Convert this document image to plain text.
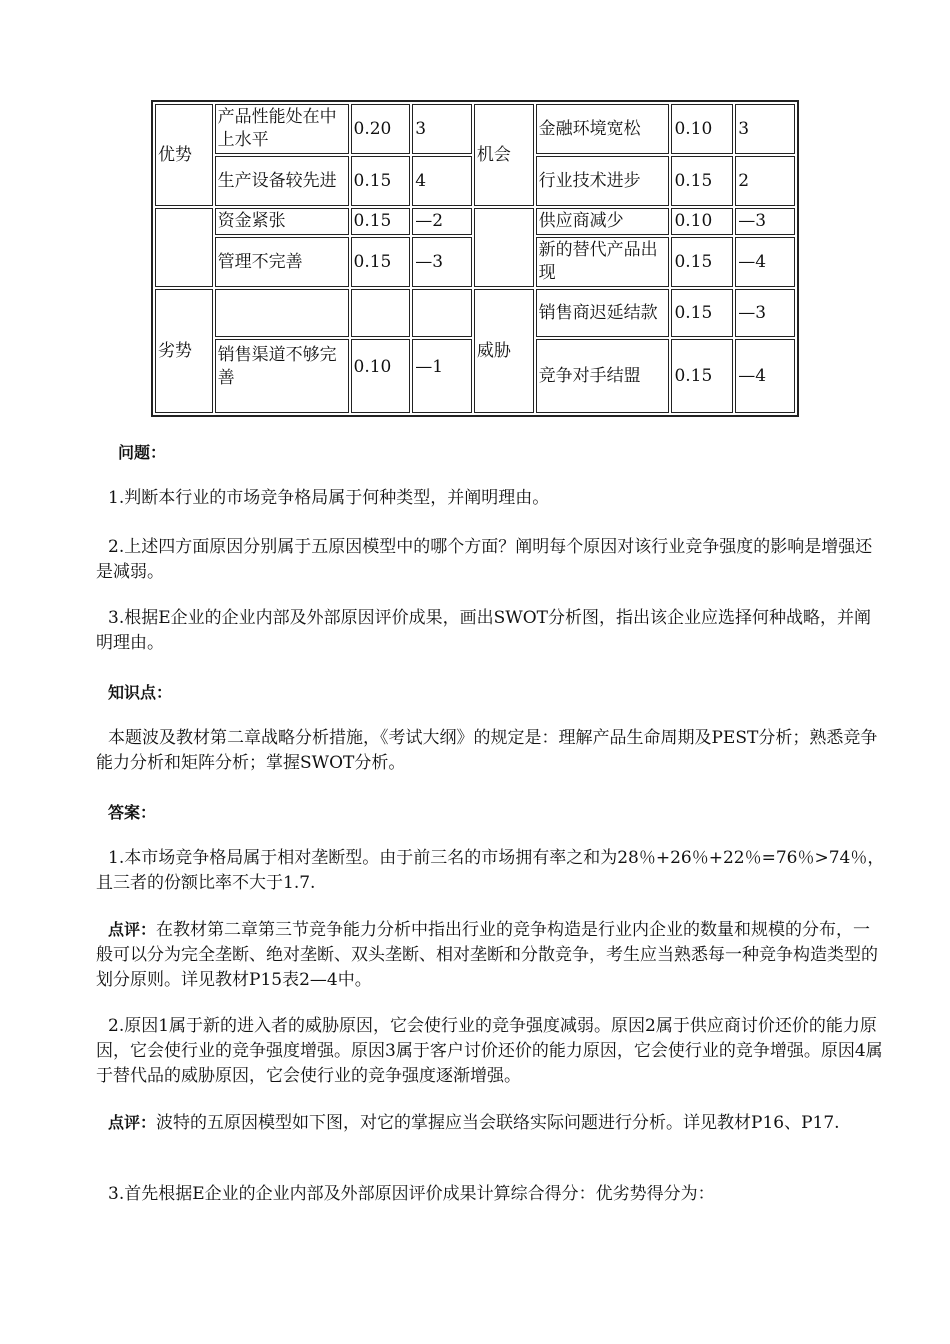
优势	产品性能处在中上水平	0.20	3	机会	金融环境宽松	0.10	3
	生产设备较先进	0.15	4		行业技术进步	0.15	2
	资金紧张	0.15	—2		供应商减少	0.10	—3
	管理不完善	0.15	—3		新的替代产品出现	0.15	—4
劣势				威胁	销售商迟延结款	0.15	—3
	销售渠道不够完善	0.10	—1		竞争对手结盟	0.15	—4

问题：

1.判断本行业的市场竞争格局属于何种类型，并阐明理由。

2.上述四方面原因分别属于五原因模型中的哪个方面？阐明每个原因对该行业竞争强度的影响是增强还是减弱。

3.根据E企业的企业内部及外部原因评价成果，画出SWOT分析图，指出该企业应选择何种战略，并阐明理由。

知识点：

本题波及教材第二章战略分析措施，《考试大纲》的规定是：理解产品生命周期及PEST分析；熟悉竞争能力分析和矩阵分析；掌握SWOT分析。

答案：

1.本市场竞争格局属于相对垄断型。由于前三名的市场拥有率之和为28％+26％+22％=76％>74％，且三者的份额比率不大于1.7.

点评：在教材第二章第三节竞争能力分析中指出行业的竞争构造是行业内企业的数量和规模的分布，一般可以分为完全垄断、绝对垄断、双头垄断、相对垄断和分散竞争，考生应当熟悉每一种竞争构造类型的划分原则。详见教材P15表2—4中。

2.原因1属于新的进入者的威胁原因，它会使行业的竞争强度减弱。原因2属于供应商讨价还价的能力原因，它会使行业的竞争强度增强。原因3属于客户讨价还价的能力原因，它会使行业的竞争增强。原因4属于替代品的威胁原因，它会使行业的竞争强度逐渐增强。

点评：波特的五原因模型如下图，对它的掌握应当会联络实际问题进行分析。详见教材P16、P17.

3.首先根据E企业的企业内部及外部原因评价成果计算综合得分：优劣势得分为：
